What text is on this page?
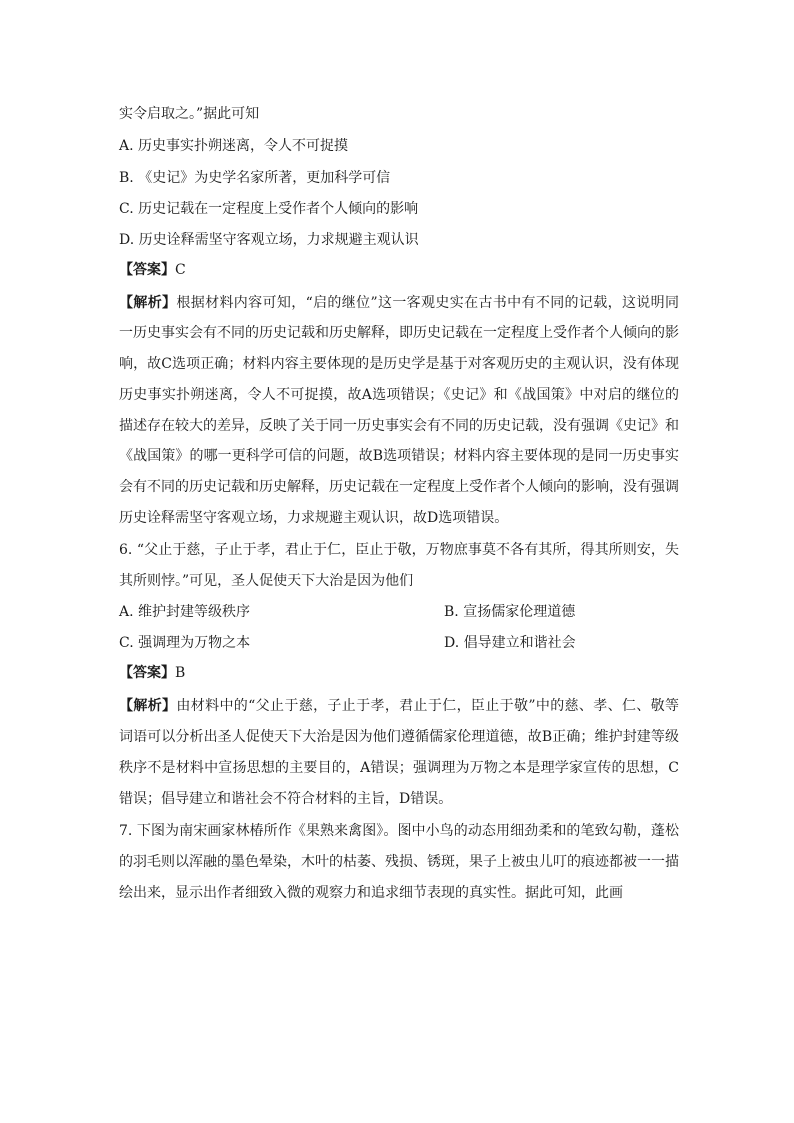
实令启取之。”据此可知
A. 历史事实扑朔迷离，令人不可捉摸
B. 《史记》为史学名家所著，更加科学可信
C. 历史记载在一定程度上受作者个人倾向的影响
D. 历史诠释需坚守客观立场，力求规避主观认识
【答案】C
【解析】根据材料内容可知，“启的继位”这一客观史实在古书中有不同的记载，这说明同
一历史事实会有不同的历史记载和历史解释，即历史记载在一定程度上受作者个人倾向的影
响，故C选项正确；材料内容主要体现的是历史学是基于对客观历史的主观认识，没有体现
历史事实扑朔迷离，令人不可捉摸，故A选项错误；《史记》和《战国策》中对启的继位的
描述存在较大的差异，反映了关于同一历史事实会有不同的历史记载，没有强调《史记》和
《战国策》的哪一更科学可信的问题，故B选项错误；材料内容主要体现的是同一历史事实
会有不同的历史记载和历史解释，历史记载在一定程度上受作者个人倾向的影响，没有强调
历史诠释需坚守客观立场，力求规避主观认识，故D选项错误。
6. “父止于慈，子止于孝，君止于仁，臣止于敬，万物庶事莫不各有其所，得其所则安，失
其所则悖。”可见，圣人促使天下大治是因为他们
A. 维护封建等级秩序	B. 宣扬儒家伦理道德
C. 强调理为万物之本	D. 倡导建立和谐社会
【答案】B
【解析】由材料中的“父止于慈，子止于孝，君止于仁，臣止于敬”中的慈、孝、仁、敬等
词语可以分析出圣人促使天下大治是因为他们遵循儒家伦理道德，故B正确；维护封建等级
秩序不是材料中宣扬思想的主要目的，A错误；强调理为万物之本是理学家宣传的思想，C
错误；倡导建立和谐社会不符合材料的主旨，D错误。
7. 下图为南宋画家林椿所作《果熟来禽图》。图中小鸟的动态用细劲柔和的笔致勾勒，蓬松
的羽毛则以浑融的墨色晕染，木叶的枯萎、残损、锈斑，果子上被虫儿叮的痕迹都被一一描
绘出来，显示出作者细致入微的观察力和追求细节表现的真实性。据此可知，此画
